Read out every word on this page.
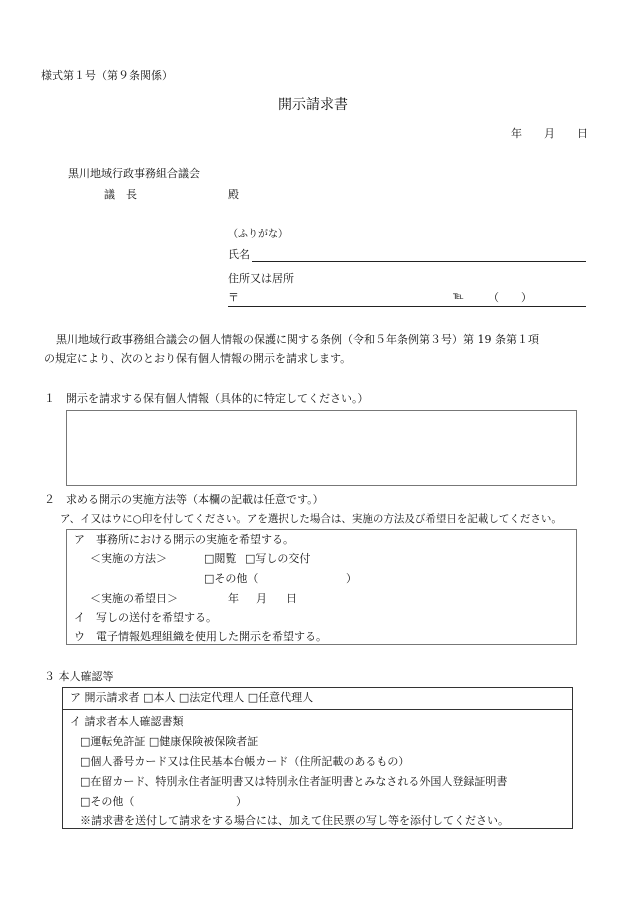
様式第１号（第９条関係）
開示請求書
年 月 日
黒川地域行政事務組合議会
議　長	殿
（ふりがな）
氏名
住所又は居所
〒	℡ （　　）
黒川地域行政事務組合議会の個人情報の保護に関する条例（令和５年条例第３号）第 19 条第１項
の規定により、次のとおり保有個人情報の開示を請求します。
１　開示を請求する保有個人情報（具体的に特定してください。）
２　求める開示の実施方法等（本欄の記載は任意です。）
ア、イ又はウに○印を付してください。アを選択した場合は、実施の方法及び希望日を記載してください。
ア　事務所における開示の実施を希望する。
＜実施の方法＞	□閲覧 □写しの交付
□その他（	）
＜実施の希望日＞	年 月 日
イ　写しの送付を希望する。
ウ　電子情報処理組織を使用した開示を希望する。
３ 本人確認等
ア 開示請求者 □本人 □法定代理人 □任意代理人
イ 請求者本人確認書類
□運転免許証 □健康保険被保険者証
□個人番号カード又は住民基本台帳カード（住所記載のあるもの）
□在留カード、特別永住者証明書又は特別永住者証明書とみなされる外国人登録証明書
□その他（	）
※請求書を送付して請求をする場合には、加えて住民票の写し等を添付してください。
